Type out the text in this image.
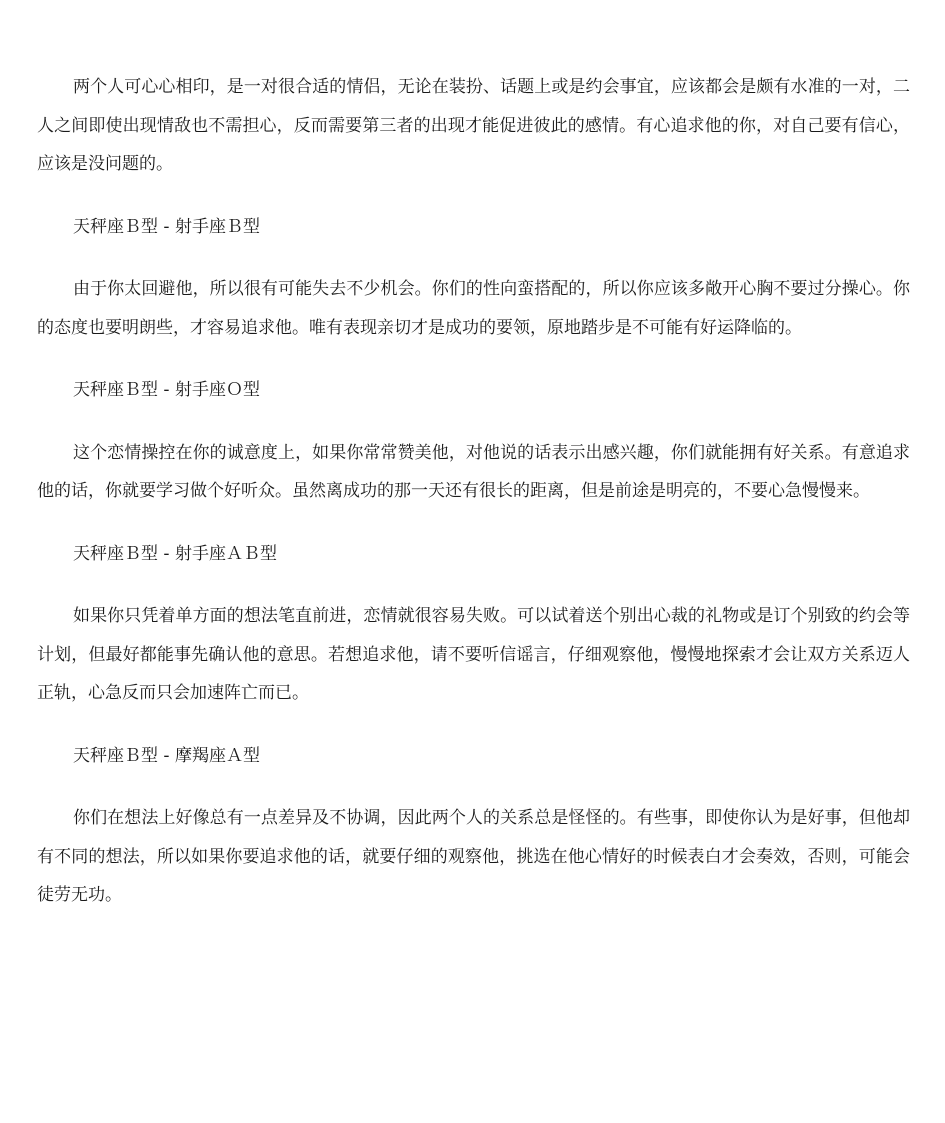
两个人可心心相印，是一对很合适的情侣，无论在装扮、话题上或是约会事宜，应该都会是颇有水准的一对，二人之间即使出现情敌也不需担心，反而需要第三者的出现才能促进彼此的感情。有心追求他的你，对自己要有信心，应该是没问题的。

天秤座Ｂ型 - 射手座Ｂ型

由于你太回避他，所以很有可能失去不少机会。你们的性向蛮搭配的，所以你应该多敞开心胸不要过分操心。你的态度也要明朗些，才容易追求他。唯有表现亲切才是成功的要领，原地踏步是不可能有好运降临的。

天秤座Ｂ型 - 射手座Ｏ型

这个恋情操控在你的诚意度上，如果你常常赞美他，对他说的话表示出感兴趣，你们就能拥有好关系。有意追求他的话，你就要学习做个好听众。虽然离成功的那一天还有很长的距离，但是前途是明亮的，不要心急慢慢来。

天秤座Ｂ型 - 射手座ＡＢ型

如果你只凭着单方面的想法笔直前进，恋情就很容易失败。可以试着送个别出心裁的礼物或是订个别致的约会等计划，但最好都能事先确认他的意思。若想追求他，请不要听信谣言，仔细观察他，慢慢地探索才会让双方关系迈人正轨，心急反而只会加速阵亡而已。

天秤座Ｂ型 - 摩羯座Ａ型

你们在想法上好像总有一点差异及不协调，因此两个人的关系总是怪怪的。有些事，即使你认为是好事，但他却有不同的想法，所以如果你要追求他的话，就要仔细的观察他，挑选在他心情好的时候表白才会奏效，否则，可能会徒劳无功。
